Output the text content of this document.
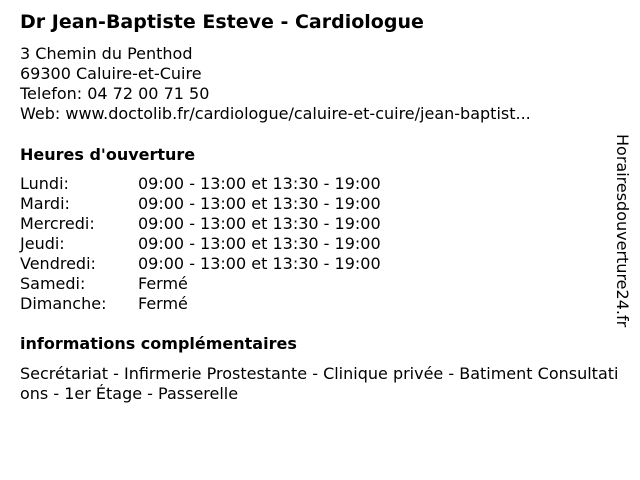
Dr Jean-Baptiste Esteve - Cardiologue
3 Chemin du Penthod
69300 Caluire-et-Cuire
Telefon: 04 72 00 71 50
Web: www.doctolib.fr/cardiologue/caluire-et-cuire/jean-baptist...
Heures d'ouverture
Lundi:	09:00 - 13:00 et 13:30 - 19:00
Mardi:	09:00 - 13:00 et 13:30 - 19:00
Mercredi:	09:00 - 13:00 et 13:30 - 19:00
Jeudi:	09:00 - 13:00 et 13:30 - 19:00
Vendredi:	09:00 - 13:00 et 13:30 - 19:00
Samedi:	Fermé
Dimanche: Fermé
informations complémentaires
Secrétariat - Infirmerie Prostestante - Clinique privée - Batiment Consultations - 1er Étage - Passerelle
Horairesdouverture24.fr
